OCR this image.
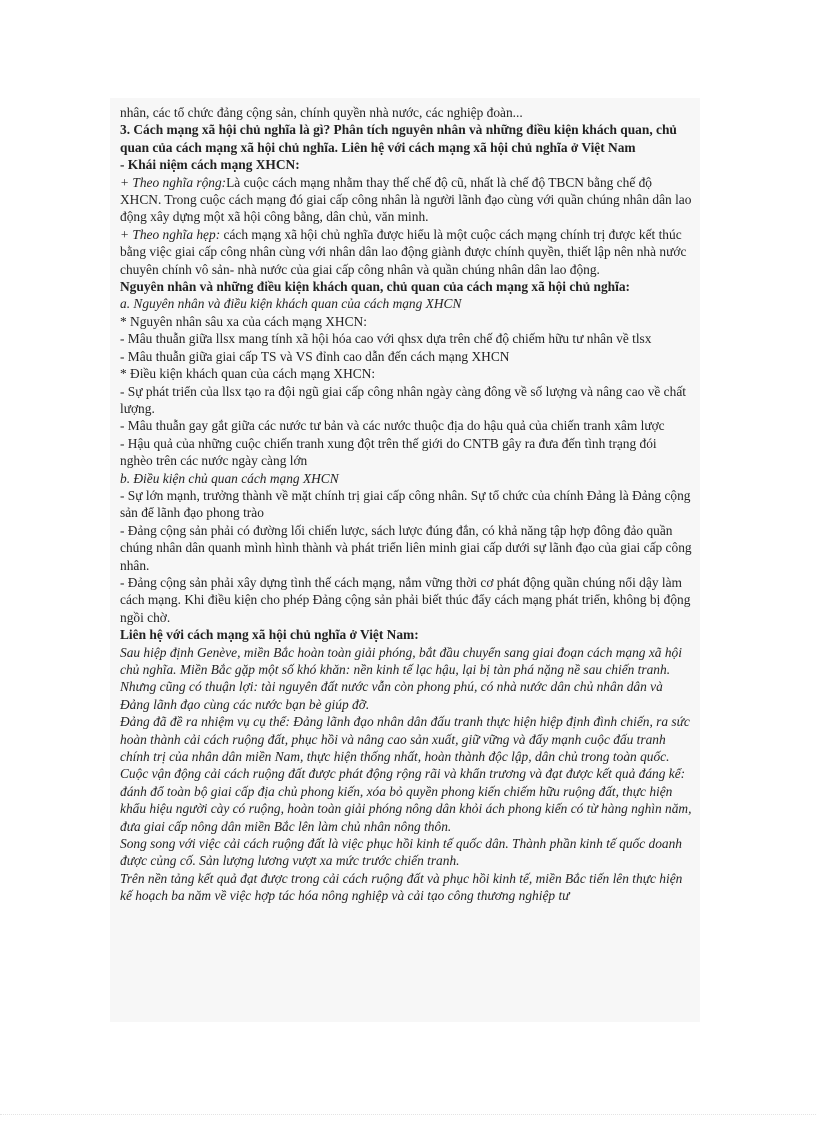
nhân, các tổ chức đảng cộng sản, chính quyền nhà nước, các nghiệp đoàn...

3. Cách mạng xã hội chủ nghĩa là gì? Phân tích nguyên nhân và những điều kiện khách quan, chủ quan của cách mạng xã hội chủ nghĩa. Liên hệ với cách mạng xã hội chủ nghĩa ở Việt Nam

- Khái niệm cách mạng XHCN:

+ Theo nghĩa rộng:Là cuộc cách mạng nhằm thay thế chế độ cũ, nhất là chế độ TBCN bằng chế độ XHCN. Trong cuộc cách mạng đó giai cấp công nhân là người lãnh đạo cùng với quần chúng nhân dân lao động xây dựng một xã hội công bằng, dân chủ, văn minh.

+ Theo nghĩa hẹp: cách mạng xã hội chủ nghĩa được hiểu là một cuộc cách mạng chính trị được kết thúc bằng việc giai cấp công nhân cùng với nhân dân lao động giành được chính quyền, thiết lập nên nhà nước chuyên chính vô sản- nhà nước của giai cấp công nhân và quần chúng nhân dân lao động.

Nguyên nhân và những điều kiện khách quan, chủ quan của cách mạng xã hội chủ nghĩa:

a. Nguyên nhân và điều kiện khách quan của cách mạng XHCN

* Nguyên nhân sâu xa của cách mạng XHCN:

- Mâu thuẫn giữa llsx mang tính xã hội hóa cao với qhsx dựa trên chế độ chiếm hữu tư nhân về tlsx

- Mâu thuẫn giữa giai cấp TS và VS đỉnh cao dẫn đến cách mạng XHCN

* Điều kiện khách quan của cách mạng XHCN:

- Sự phát triển của llsx tạo ra đội ngũ giai cấp công nhân ngày càng đông về số lượng và nâng cao về chất lượng.

- Mâu thuẫn gay gắt giữa các nước tư bản và các nước thuộc địa do hậu quả của chiến tranh xâm lược

- Hậu quả của những cuộc chiến tranh xung đột trên thế giới do CNTB gây ra đưa đến tình trạng đói nghèo trên các nước ngày càng lớn

b. Điều kiện chủ quan cách mạng XHCN

- Sự lớn mạnh, trưởng thành về mặt chính trị giai cấp công nhân. Sự tổ chức của chính Đảng là Đảng cộng sản để lãnh đạo phong trào

- Đảng cộng sản phải có đường lối chiến lược, sách lược đúng đắn, có khả năng tập hợp đông đảo quần chúng nhân dân quanh mình hình thành và phát triển liên minh giai cấp dưới sự lãnh đạo của giai cấp công nhân.

- Đảng cộng sản phải xây dựng tình thế cách mạng, nắm vững thời cơ phát động quần chúng nổi dậy làm cách mạng. Khi điều kiện cho phép Đảng cộng sản phải biết thúc đẩy cách mạng phát triển, không bị động ngồi chờ.

Liên hệ với cách mạng xã hội chủ nghĩa ở Việt Nam:

Sau hiệp định Genève, miền Bắc hoàn toàn giải phóng, bắt đầu chuyển sang giai đoạn cách mạng xã hội chủ nghĩa. Miền Bắc gặp một số khó khăn: nền kinh tế lạc hậu, lại bị tàn phá nặng nề sau chiến tranh. Nhưng cũng có thuận lợi: tài nguyên đất nước vẫn còn phong phú, có nhà nước dân chủ nhân dân và Đảng lãnh đạo cùng các nước bạn bè giúp đỡ.

Đảng đã đề ra nhiệm vụ cụ thể: Đảng lãnh đạo nhân dân đấu tranh thực hiện hiệp định đình chiến, ra sức hoàn thành cải cách ruộng đất, phục hồi và nâng cao sản xuất, giữ vững và đẩy mạnh cuộc đấu tranh chính trị của nhân dân miền Nam, thực hiện thống nhất, hoàn thành độc lập, dân chủ trong toàn quốc.

Cuộc vận động cải cách ruộng đất được phát động rộng rãi và khẩn trương và đạt được kết quả đáng kể: đánh đổ toàn bộ giai cấp địa chủ phong kiến, xóa bỏ quyền phong kiến chiếm hữu ruộng đất, thực hiện khẩu hiệu người cày có ruộng, hoàn toàn giải phóng nông dân khỏi ách phong kiến có từ hàng nghìn năm, đưa giai cấp nông dân miền Bắc lên làm chủ nhân nông thôn.

Song song với việc cải cách ruộng đất là việc phục hồi kinh tế quốc dân. Thành phần kinh tế quốc doanh được củng cố. Sản lượng lương vượt xa mức trước chiến tranh.

Trên nền tảng kết quả đạt được trong cải cách ruộng đất và phục hồi kinh tế, miền Bắc tiến lên thực hiện kế hoạch ba năm về việc hợp tác hóa nông nghiệp và cải tạo công thương nghiệp tư
